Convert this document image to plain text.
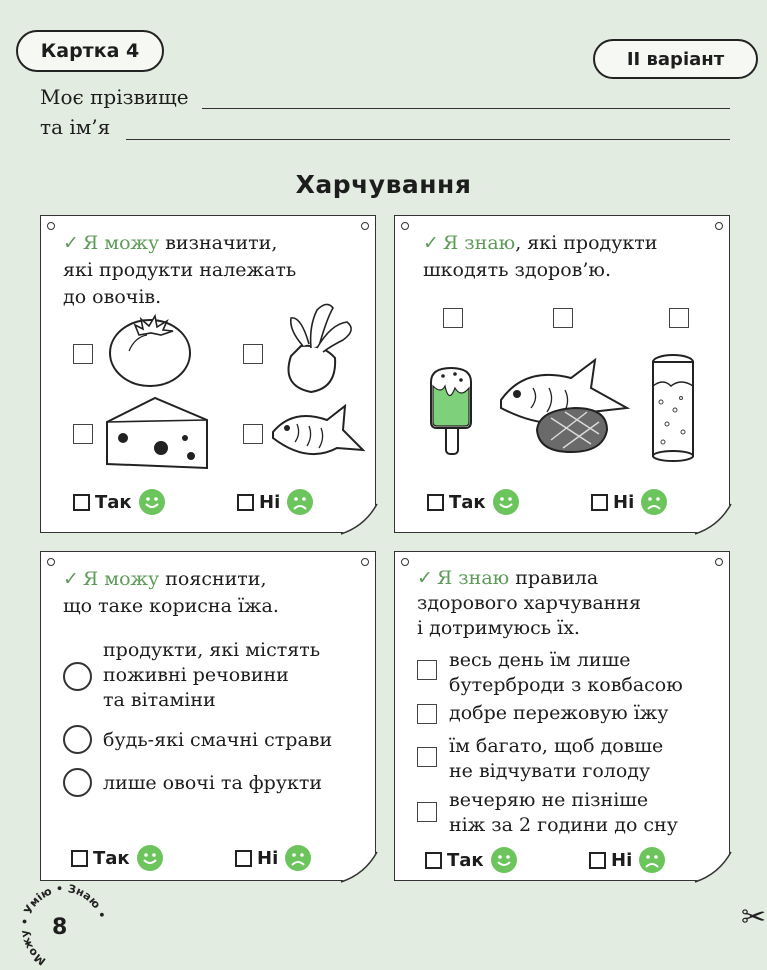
Картка 4	ІІ варіант
Моє прізвище
та ім’я
Харчування
✓ Я можу визначити,
які продукти належать
до овочів.
Так	Ні
✓ Я знаю, які продукти
шкодять здоров’ю.
Так	Ні
✓ Я можу пояснити,
що таке корисна їжа.
продукти, які містять
поживні речовини
та вітаміни
будь-які смачні страви
лише овочі та фрукти
Так	Ні
✓ Я знаю правила
здорового харчування
і дотримуюсь їх.
весь день їм лише
бутерброди з ковбасою
добре пережовую їжу
їм багато, щоб довше
не відчувати голоду
вечеряю не пізніше
ніж за 2 години до сну
Так	Ні
Можу • Умію • Знаю •
8	✂
